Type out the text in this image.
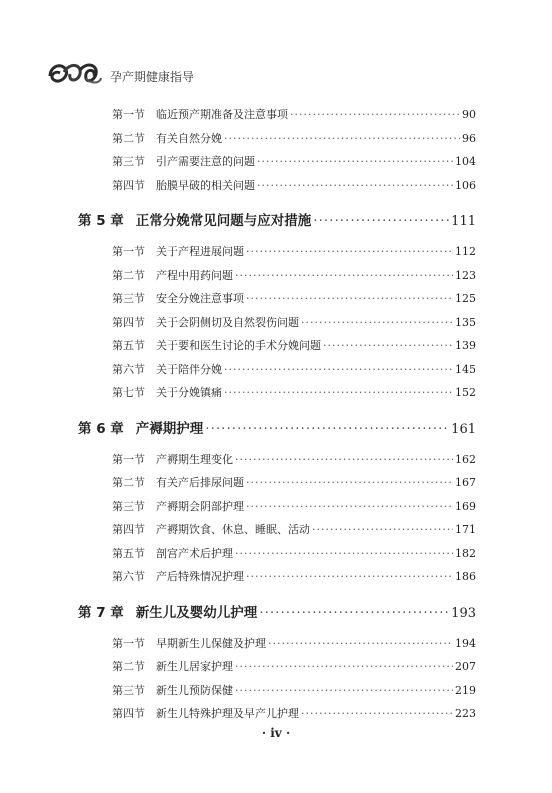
孕产期健康指导
第一节	临近预产期准备及注意事项 ·····	90
第二节	有关自然分娩 ·····	96
第三节	引产需要注意的问题 ·····	104
第四节	胎膜早破的相关问题 ·····	106
第 5 章 正常分娩常见问题与应对措施 ·····	111
第一节	关于产程进展问题 ·····	112
第二节	产程中用药问题 ·····	123
第三节	安全分娩注意事项 ·····	125
第四节	关于会阴侧切及自然裂伤问题 ·····	135
第五节	关于要和医生讨论的手术分娩问题 ·····	139
第六节	关于陪伴分娩 ·····	145
第七节	关于分娩镇痛 ·····	152
第 6 章 产褥期护理 ·····	161
第一节	产褥期生理变化 ·····	162
第二节	有关产后排尿问题 ·····	167
第三节	产褥期会阴部护理 ·····	169
第四节	产褥期饮食、休息、睡眠、活动 ·····	171
第五节	剖宫产术后护理 ·····	182
第六节	产后特殊情况护理 ·····	186
第 7 章 新生儿及婴幼儿护理 ·····	193
第一节	早期新生儿保健及护理 ·····	194
第二节	新生儿居家护理 ·····	207
第三节	新生儿预防保健 ·····	219
第四节	新生儿特殊护理及早产儿护理 ·····	223
· iv ·
